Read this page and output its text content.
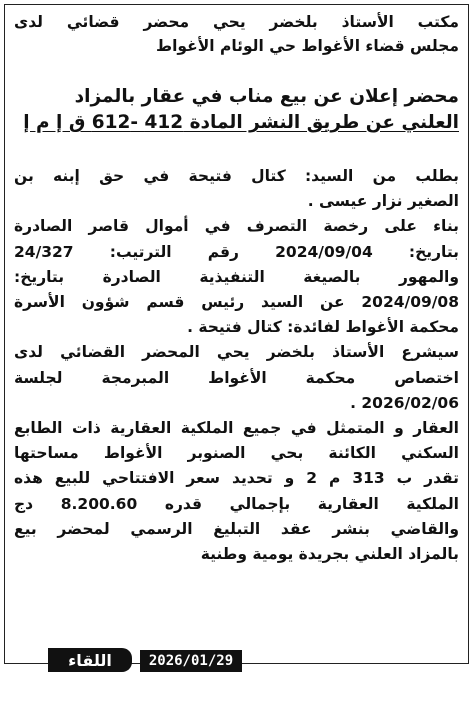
مكتب الأستاذ بلخضر يحي محضر قضائي لدى
مجلس قضاء الأغواط حي الوئام الأغواط
محضر إعلان عن بيع مناب في عقار بالمزاد
العلني عن طريق النشر المادة 412 -612 ق إ م إ
بطلب من السيد: كتال فتيحة في حق إبنه بن
الصغير نزار عيسى .
بناء على رخصة التصرف في أموال قاصر الصادرة
بتاريخ: 2024/09/04 رقم الترتيب: 24/327
والمهور بالصيغة التنفيذية الصادرة بتاريخ:
2024/09/08 عن السيد رئيس قسم شؤون الأسرة
محكمة الأغواط لفائدة: كتال فتيحة .
سيشرع الأستاذ بلخضر يحي المحضر القضائي لدى
اختصاص محكمة الأغواط المبرمجة لجلسة
2026/02/06 .
العقار و المتمثل في جميع الملكية العقارية ذات الطابع
السكني الكائنة بحي الصنوبر الأغواط مساحتها
تقدر ب 313 م 2 و تحديد سعر الافتتاحي للبيع هذه
الملكية العقارية بإجمالي قدره 8.200.60 دج
والقاضي بنشر عقد التبليغ الرسمي لمحضر بيع
بالمزاد العلني بجريدة يومية وطنية
2026/01/29
اللقاء
